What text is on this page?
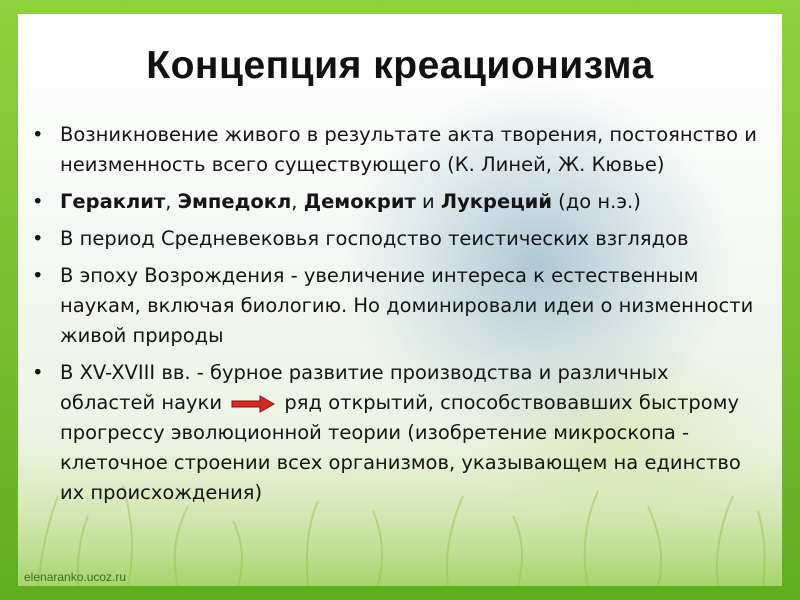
Концепция креационизма
• Возникновение живого в результате акта творения, постоянство и неизменность всего существующего (К. Линей, Ж. Кювье)
• Гераклит, Эмпедокл, Демокрит и Лукреций (до н.э.)
• В период Средневековья господство теистических взглядов
• В эпоху Возрождения - увеличение интереса к естественным наукам, включая биологию. Но доминировали идеи о низменности живой природы
• В XV-XVIII вв. - бурное развитие производства и различных областей науки	ряд открытий, способствовавших быстрому прогрессу эволюционной теории (изобретение микроскопа - клеточное строении всех организмов, указывающем на единство их происхождения)
elenaranko.ucoz.ru
